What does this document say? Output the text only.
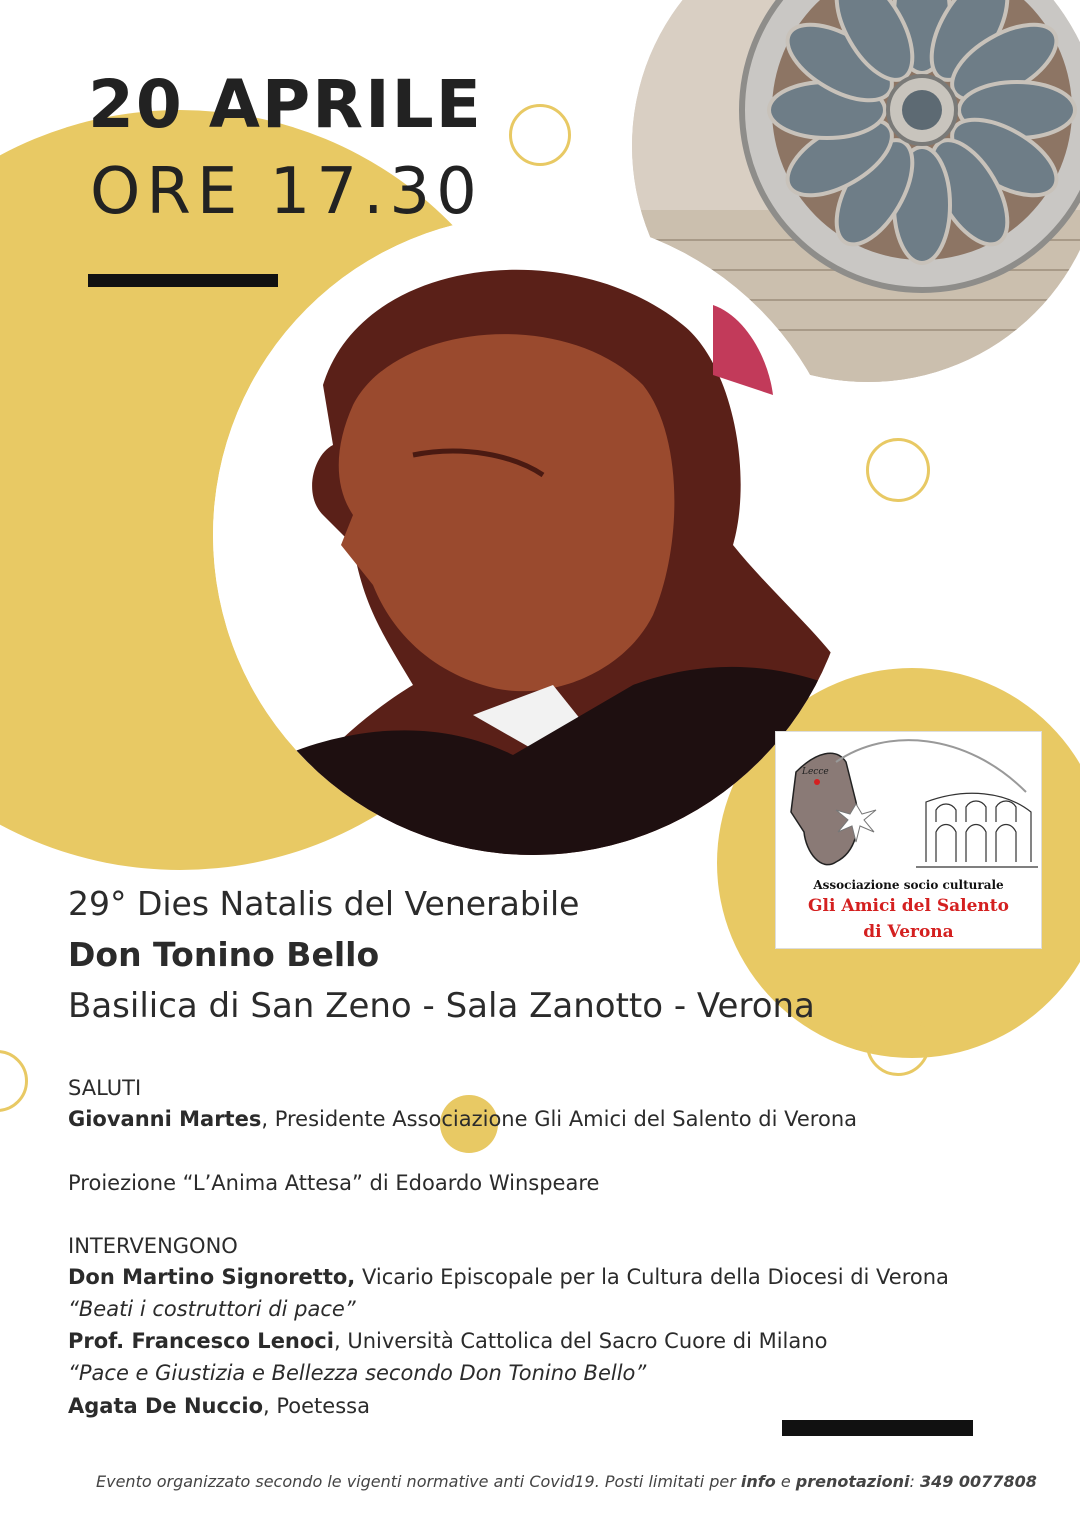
20 APRILE
ORE 17.30
Lecce
Associazione socio culturale
Gli Amici del Salento
di Verona
29° Dies Natalis del Venerabile
Don Tonino Bello
Basilica di San Zeno - Sala Zanotto - Verona
SALUTI
Giovanni Martes, Presidente Associazione Gli Amici del Salento di Verona
Proiezione “L’Anima Attesa” di Edoardo Winspeare
INTERVENGONO
Don Martino Signoretto, Vicario Episcopale per la Cultura della Diocesi di Verona
“Beati i costruttori di pace”
Prof. Francesco Lenoci, Università Cattolica del Sacro Cuore di Milano
“Pace e Giustizia e Bellezza secondo Don Tonino Bello”
Agata De Nuccio, Poetessa
Evento organizzato secondo le vigenti normative anti Covid19. Posti limitati per info e prenotazioni: 349 0077808
